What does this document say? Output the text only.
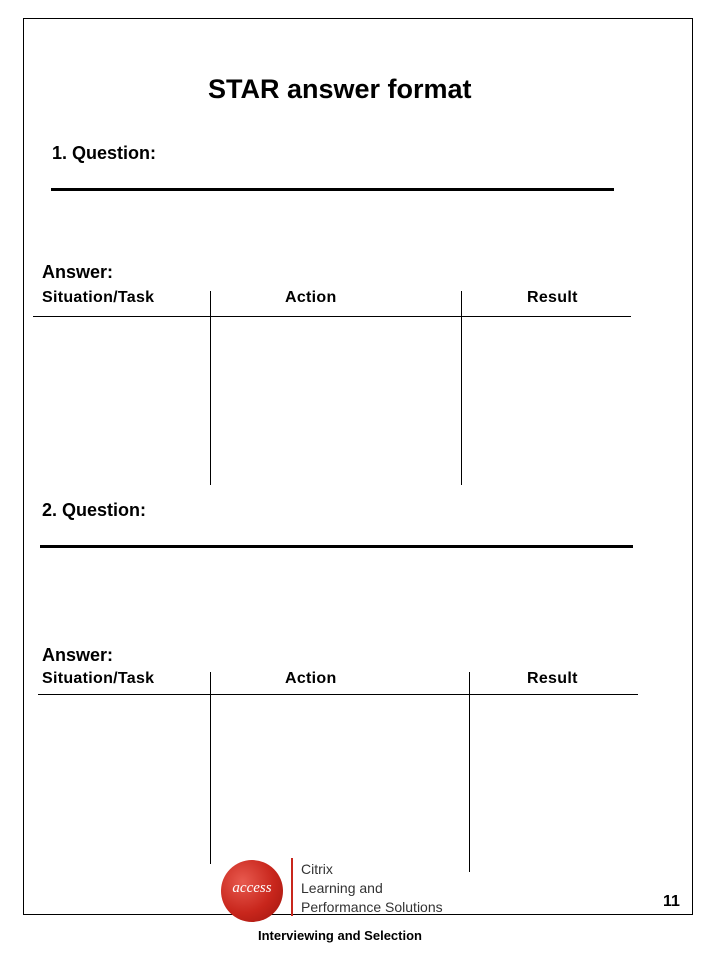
STAR answer format
1. Question:
Answer:
Situation/Task	Action	Result
2. Question:
Answer:
Situation/Task	Action	Result
access
Citrix
Learning and
Performance Solutions	11
Interviewing and Selection
